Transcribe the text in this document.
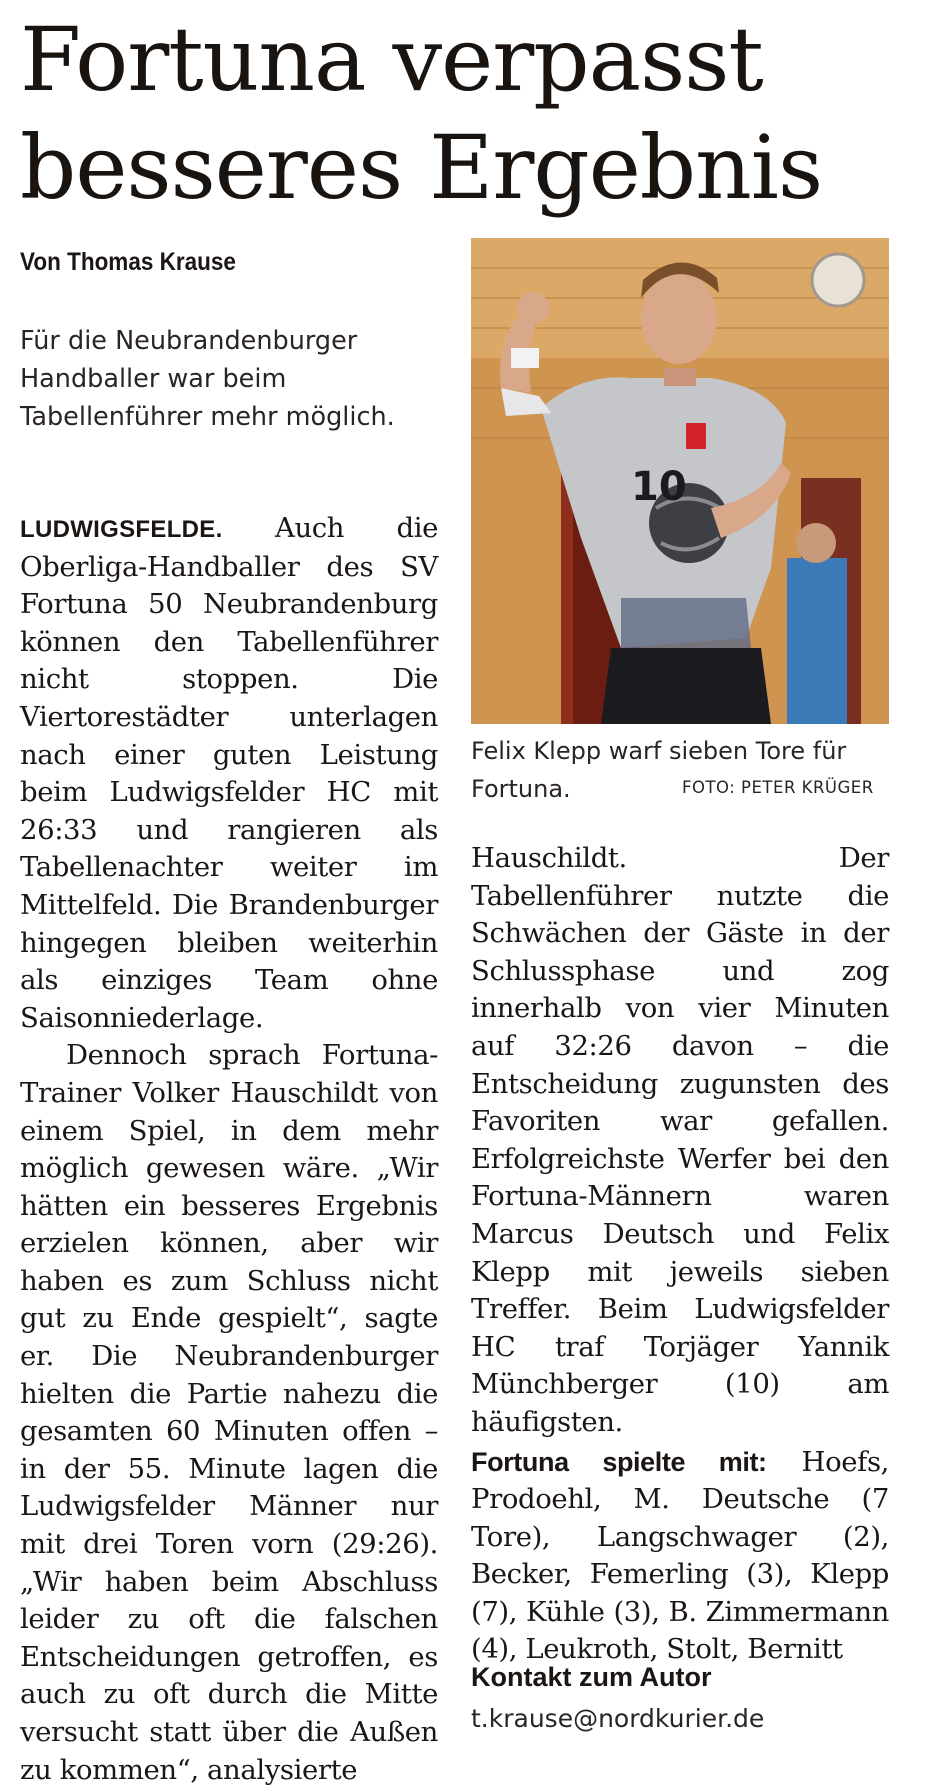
Fortuna verpasst besseres Ergebnis
Von Thomas Krause

Für die Neubrandenburger Handballer war beim Tabellenführer mehr möglich.

LUDWIGSFELDE. Auch die Oberliga-Handballer des SV Fortuna 50 Neubrandenburg können den Tabellenführer nicht stoppen. Die Viertorestädter unterlagen nach einer guten Leistung beim Ludwigsfelder HC mit 26:33 und rangieren als Tabellenachter weiter im Mittelfeld. Die Brandenburger hingegen bleiben weiterhin als einziges Team ohne Saisonniederlage.

Dennoch sprach Fortuna-Trainer Volker Hauschildt von einem Spiel, in dem mehr möglich gewesen wäre. „Wir hätten ein besseres Ergebnis erzielen können, aber wir haben es zum Schluss nicht gut zu Ende gespielt“, sagte er. Die Neubrandenburger hielten die Partie nahezu die gesamten 60 Minuten offen – in der 55. Minute lagen die Ludwigsfelder Männer nur mit drei Toren vorn (29:26). „Wir haben beim Abschluss leider zu oft die falschen Entscheidungen getroffen, es auch zu oft durch die Mitte versucht statt über die Außen zu kommen“, analysierte

10

Felix Klepp warf sieben Tore für Fortuna.	FOTO: PETER KRÜGER

Hauschildt. Der Tabellenführer nutzte die Schwächen der Gäste in der Schlussphase und zog innerhalb von vier Minuten auf 32:26 davon – die Entscheidung zugunsten des Favoriten war gefallen. Erfolgreichste Werfer bei den Fortuna-Männern waren Marcus Deutsch und Felix Klepp mit jeweils sieben Treffer. Beim Ludwigsfelder HC traf Torjäger Yannik Münchberger (10) am häufigsten.

Fortuna spielte mit: Hoefs, Prodoehl, M. Deutsche (7 Tore), Langschwager (2), Becker, Femerling (3), Klepp (7), Kühle (3), B. Zimmermann (4), Leukroth, Stolt, Bernitt

Kontakt zum Autor
t.krause@nordkurier.de
